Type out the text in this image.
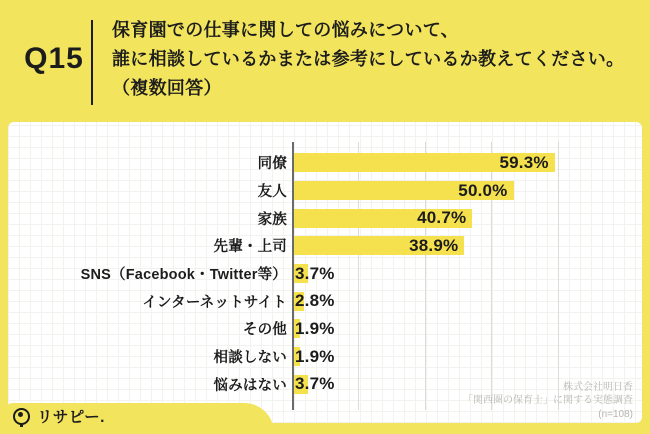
Q15
保育園での仕事に関しての悩みについて、
誰に相談しているかまたは参考にしているか教えてください。
（複数回答）
同僚	59.3%
友人	50.0%
家族	40.7%
先輩・上司	38.9%
SNS（Facebook・Twitter等） 3.7%
インターネットサイト 2.8%
その他 1.9%
相談しない 1.9%
悩みはない 3.7%	株式会社明日香
「関西圏の保育士」に関する実態調査
(n=108)
リサピー.
